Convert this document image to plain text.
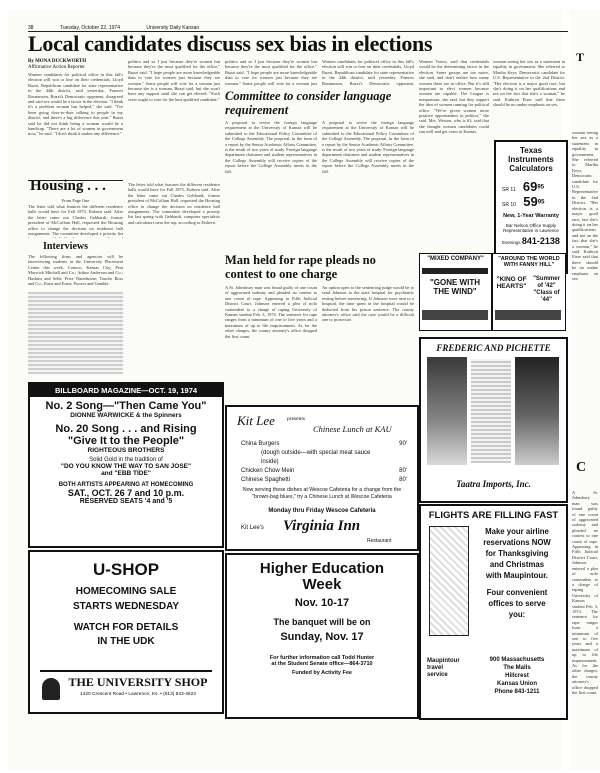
38	Tuesday, October 22, 1974	University Daily Kansan
Local candidates discuss sex bias in elections
By MONA DUCKWORTH
Affirmative Action Reporter
Women candidates for political office in this fall's election will win or lose on their credentials, Lloyd Buzzi, Republican candidate for state representative in the 44th district, said yesterday. Frances Rasmussen, Buzzi's Democratic opponent, disagreed and said sex would be a factor in the election. "I think it's a problem woman has helped," she said. "I've been going door-to-door talking to people in my district, and there's a big difference this year." Buzzi said he did not think being a woman would be a handicap. "There are a lot of women in government now," he said. "I don't think it makes any difference."
Housing . . .
From Page One
The letter told what features the different residence halls would have for Fall 1975, Eisbern said. After the letter came out Charles Gebhardt, former president of McCollum Hall, requested the Housing office to change the decision on residence hall assignments. The committee developed a priority list
Interviews
The following firms and agencies will be interviewing students at the University Placement Center this week. Conoco, Kansas City; Peat Marwick Mitchell and Co.; Arthur Andersen and Co.; Haskins and Sells; Price Waterhouse; Touche Ross and Co.; Ernst and Ernst; Procter and Gamble.
politics and so I just because they're women but because they're the most qualified for the office," Buzzi said. "I hope people are more knowledgeable than to vote for women just because they are women." Some people will vote for a woman just because she is a woman, Buzzi said, but she won't have any support until she can get elected. "Each voter ought to vote for the best qualified candidate."
The letter told what features the different residence halls would have for Fall 1975, Eisbern said. After the letter came out Charles Gebhardt, former president of McCollum Hall, requested the Housing office to change the decision on residence hall assignments. The committee developed a priority list last spring with Gebhardt, computer specialists and calculators near the top, according to Eisbern.
politics and so I just because they're women but because they're the most qualified for the office," Buzzi said. "I hope people are more knowledgeable than to vote for women just because they are women." Some people will vote for a woman just
Committee to consider language requirement
A proposal to revise the foreign language requirement at the University of Kansas will be submitted to the Educational Policy Committee of the College Assembly. The proposal, in the form of a report by the Senior Academic Affairs Committee, is the result of two years of study. Foreign language department chairmen and student representatives in the College Assembly will receive copies of the report before the College Assembly meets in the fall.
Women candidates for political office in this fall's election will win or lose on their credentials, Lloyd Buzzi, Republican candidate for state representative in the 44th district, said yesterday. Frances Rasmussen, Buzzi's Democratic opponent,
A proposal to revise the foreign language requirement at the University of Kansas will be submitted to the Educational Policy Committee of the College Assembly. The proposal, in the form of a report by the Senior Academic Affairs Committee, is the result of two years of study. Foreign language department chairmen and student representatives in the College Assembly will receive copies of the report before the College Assembly meets in the fall.
Women Voters, said that credentials would be the determining factor in the election. Some groups are too naive, she said, and don't realize how many women there are in office. But it's still important to elect women because women are capable. The League is nonpartisan, she said, but they support the idea of women running for political office. "We've given women more positive opportunities in politics," she said. Mrs. Weston, who is 63, said that she thought women candidates could run well and get votes in Kansas.
woman seeing her sex as a statement in equality in government. She referred to Martha Keys, Democratic candidate for U.S. Representative in the 2nd District. "Her election is a major good race, but she's doing it on her qualifications and not on the fact that she's a woman," he said. Kathryn Eiser said that there should be no undue emphasis on sex.
Texas Instruments Calculators
SR 11 $69^{95}$
SR 10 $59^{95}$
New, 1-Year Warranty
Bar Nelson Office Supply
Representative in Lawrence
Evenings 841-2138
"MIXED COMPANY"
"GONE WITH THE WIND"
"AROUND THE WORLD WITH FANNY HILL"
"KING OF HEARTS"
"Summer of '42"
"Class of '44"
Man held for rape pleads no contest to one charge
A St. Johnsbury man was found guilty of one count of aggravated sodomy and pleaded no contest to one count of rape. Appearing in Fifth Judicial District Court, Johnson entered a plea of nolo contendere to a charge of raping University of Kansas student Feb. 3, 1974. The sentence for rape ranges from a minimum of one to five years and a maximum of up to life imprisonment. As for the other charges, the county attorney's office dropped the first count.
An option open to the sentencing judge would be to send Johnson to the state hospital for psychiatric testing before sentencing. If Johnson were sent to a hospital, the time spent in the hospital would be deducted from his prison sentence. The county attorney's office said the case would be a difficult one to prosecute.
BILLBOARD MAGAZINE—OCT. 19, 1974
No. 2 Song—"Then Came You"
DIONNE WARWICKE & the Spinners
No. 20 Song . . . and Rising
"Give It to the People"
RIGHTEOUS BROTHERS
Solid Gold in the tradition of
"DO YOU KNOW THE WAY TO SAN JOSE"
and "EBB TIDE"
BOTH ARTISTS APPEARING AT HOMECOMING
SAT., OCT. 26 7 and 10 p.m.
RESERVED SEATS '4 and '5
U-SHOP
HOMECOMING SALE
STARTS WEDNESDAY
WATCH FOR DETAILS
IN THE UDK
THE UNIVERSITY SHOP
1420 Crescent Road • Lawrence, Ks. • (913) 843-4623
Kit Lee presents
Chinese Lunch at KAU
China Burgers	90'
(dough outside—with special meat sauce inside)
Chicken Chow Mein	80'
Chinese Spaghetti	80'
Now serving these dishes at Wescoe Cafeteria for a change from the "brown-bag blues," try a Chinese Lunch at Wescoe Cafeteria
Monday thru Friday Wescoe Cafeteria
Kit Lee's Virginia Inn
Restaurant
Higher Education
Week
Nov. 10-17
The banquet will be on
Sunday, Nov. 17
For further information call Todd Hunter
at the Student Senate office—864-3710
Funded by Activity Fee
FREDERIC AND PICHETTE
Taatra Imports, Inc.
FLIGHTS ARE FILLING FAST
Make your airline
reservations NOW
for Thanksgiving
and Christmas
with Maupintour.
Four convenient
offices to serve
you:
Maupintour travel service
900 Massachusetts
The Malls
Hillcrest
Kansas Union
Phone 843-1211
T
woman seeing her sex as a statement in equality in government. She referred to Martha Keys, Democratic candidate for U.S. Representative in the 2nd District. "Her election is a major good race, but she's doing it on her qualifications and not on the fact that she's a woman," he said. Kathryn Eiser said that there should be no undue emphasis on sex.
C
A St. Johnsbury man was found guilty of one count of aggravated sodomy and pleaded no contest to one count of rape. Appearing in Fifth Judicial District Court, Johnson entered a plea of nolo contendere to a charge of raping University of Kansas student Feb. 3, 1974. The sentence for rape ranges from a minimum of one to five years and a maximum of up to life imprisonment. As for the other charges, the county attorney's office dropped the first count.
